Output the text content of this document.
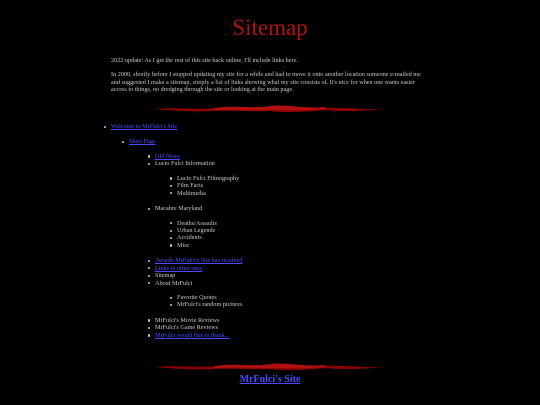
Sitemap

2022 update: As I get the rest of this site back online, I'll include links here.

In 2000, shortly before I stopped updating my site for a while and had to move it onto another location someone e-mailed me and suggested I make a sitemap, simply a list of links showing what my site consists of. It's nice for when one wants easier access to things, no dredging through the site or looking at the main page.

Welcome to MrFulci's Site
Main Page
Old News
Lucio Fulci Information
Lucio Fulci Filmography
Film Facts
Multimedia
Macabre Maryland
Deaths/Assaults
Urban Legends
Accidents
Misc
Awards MrFulci's Site has received
Links to other sites
Sitemap
About MrFulci
Favorite Quotes
MrFulci's random pictures
MrFulci's Movie Reviews
MrFulci's Game Reviews
MrFulci would like to thank...
MrFulci's Site
